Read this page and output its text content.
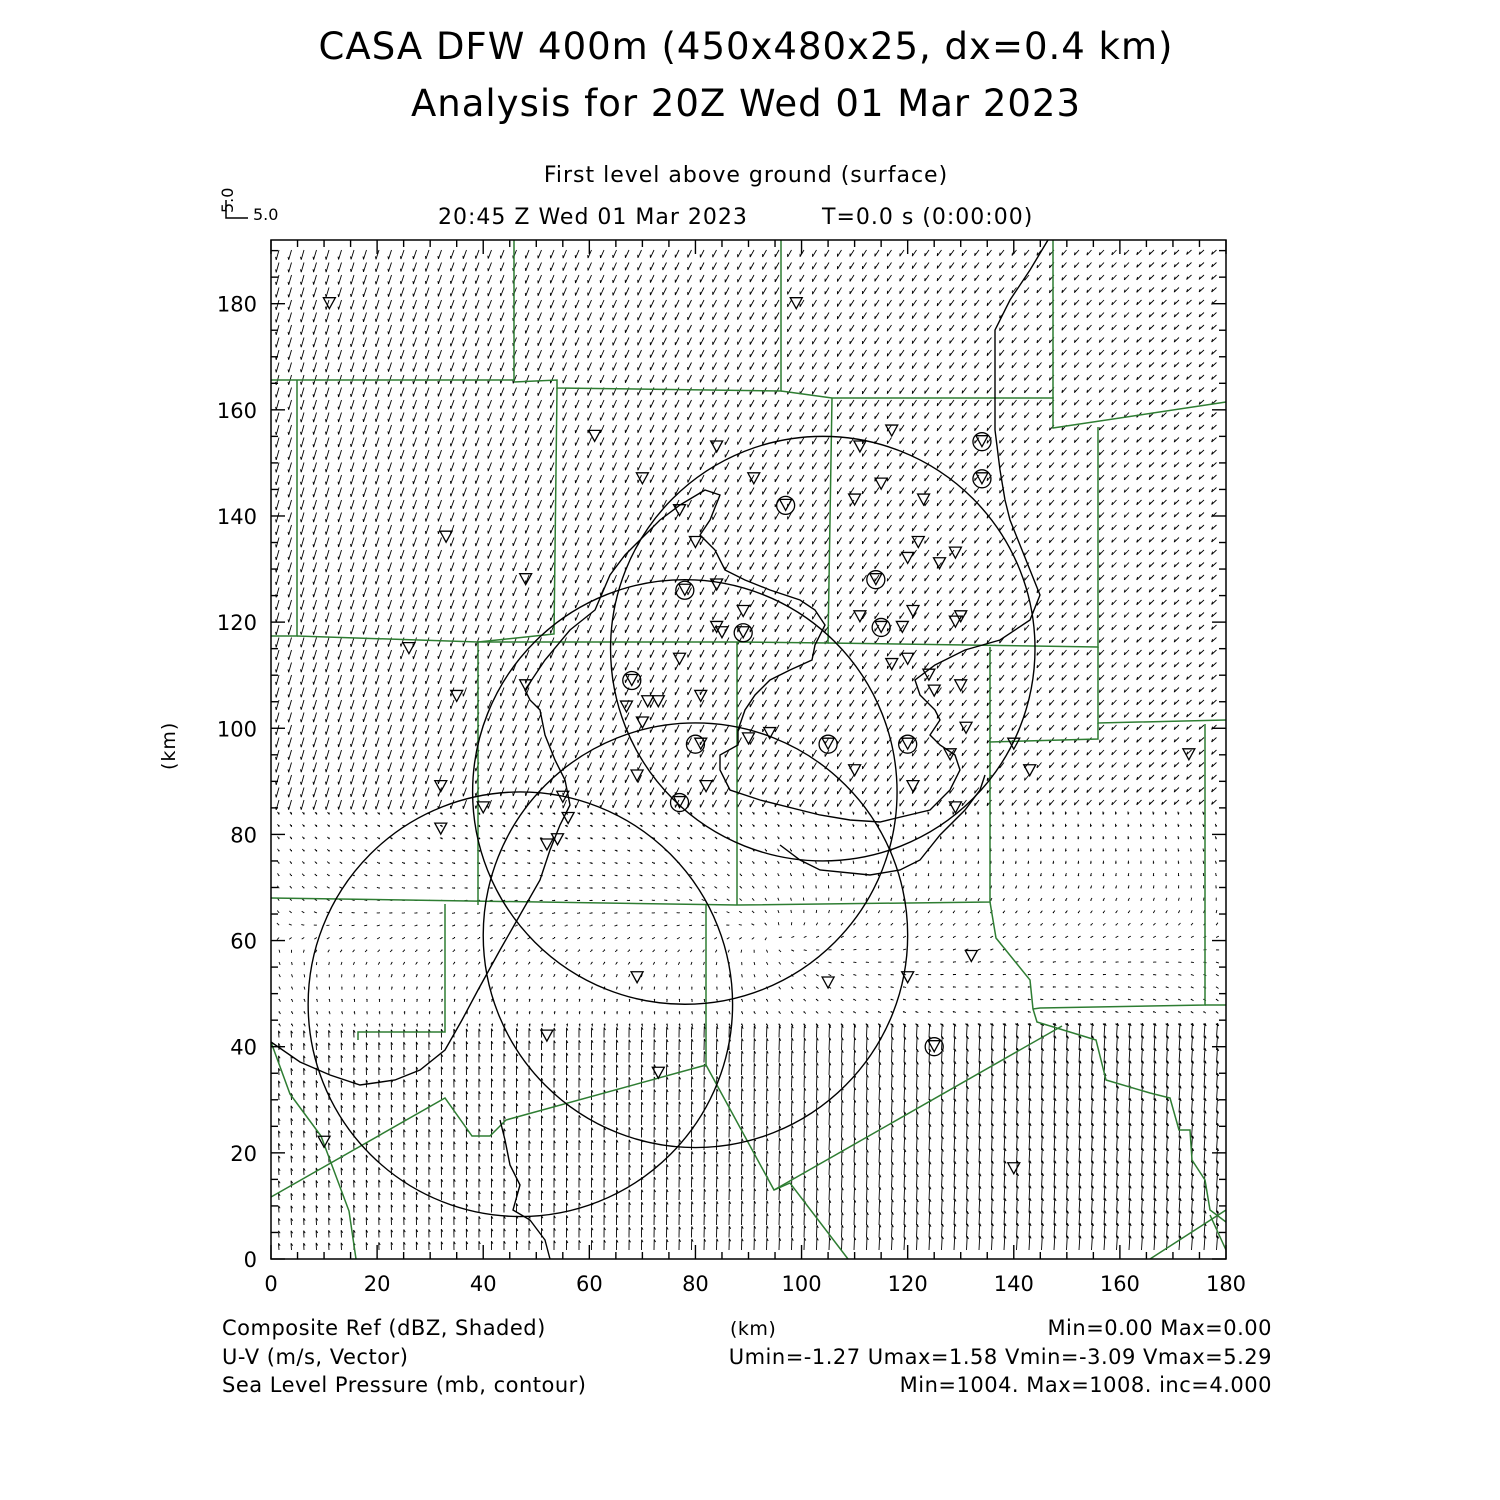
CASA DFW 400m (450x480x25, dx=0.4 km)
Analysis for 20Z Wed 01 Mar 2023
First level above ground (surface)
20:45 Z Wed 01 Mar 2023	T=0.0 s (0:00:00)
5.0
5.0
0	20	40	60	80	100	120	140	160	180
0
20
40
60
80
100
120
140
160
180
(km)
(km)
Composite Ref (dBZ, Shaded)	Min=0.00 Max=0.00
U-V (m/s, Vector)	Umin=-1.27 Umax=1.58 Vmin=-3.09 Vmax=5.29
Sea Level Pressure (mb, contour)	Min=1004. Max=1008. inc=4.000
